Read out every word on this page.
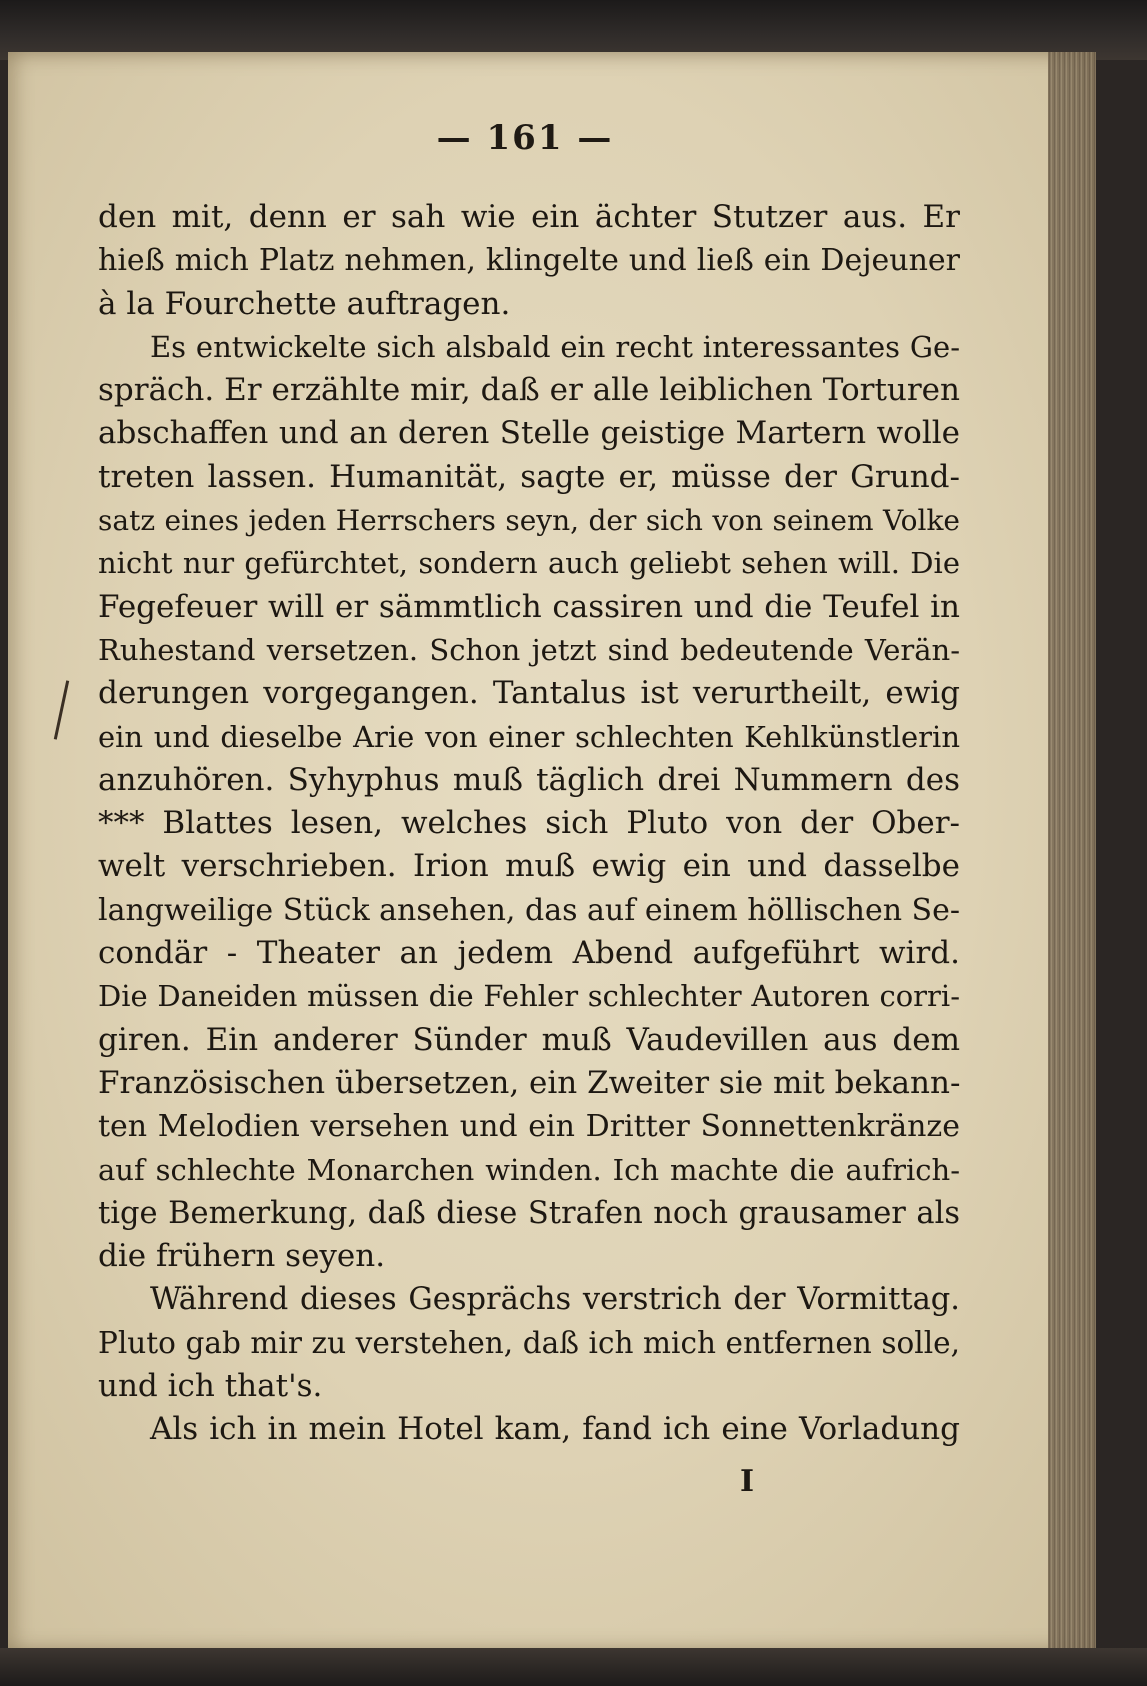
— 161 —
den mit, denn er sah wie ein ächter Stutzer aus. Er
hieß mich Platz nehmen, klingelte und ließ ein Dejeuner
à la Fourchette auftragen.
Es entwickelte sich alsbald ein recht interessantes Ge-
spräch. Er erzählte mir, daß er alle leiblichen Torturen
abschaffen und an deren Stelle geistige Martern wolle
treten lassen. Humanität, sagte er, müsse der Grund-
satz eines jeden Herrschers seyn, der sich von seinem Volke
nicht nur gefürchtet, sondern auch geliebt sehen will. Die
Fegefeuer will er sämmtlich cassiren und die Teufel in
Ruhestand versetzen. Schon jetzt sind bedeutende Verän-
derungen vorgegangen. Tantalus ist verurtheilt, ewig
ein und dieselbe Arie von einer schlechten Kehlkünstlerin
anzuhören. Syhyphus muß täglich drei Nummern des
*** Blattes lesen, welches sich Pluto von der Ober-
welt verschrieben. Irion muß ewig ein und dasselbe
langweilige Stück ansehen, das auf einem höllischen Se-
condär - Theater an jedem Abend aufgeführt wird.
Die Daneiden müssen die Fehler schlechter Autoren corri-
giren. Ein anderer Sünder muß Vaudevillen aus dem
Französischen übersetzen, ein Zweiter sie mit bekann-
ten Melodien versehen und ein Dritter Sonnettenkränze
auf schlechte Monarchen winden. Ich machte die aufrich-
tige Bemerkung, daß diese Strafen noch grausamer als
die frühern seyen.
Während dieses Gesprächs verstrich der Vormittag.
Pluto gab mir zu verstehen, daß ich mich entfernen solle,
und ich that's.
Als ich in mein Hotel kam, fand ich eine Vorladung
I
